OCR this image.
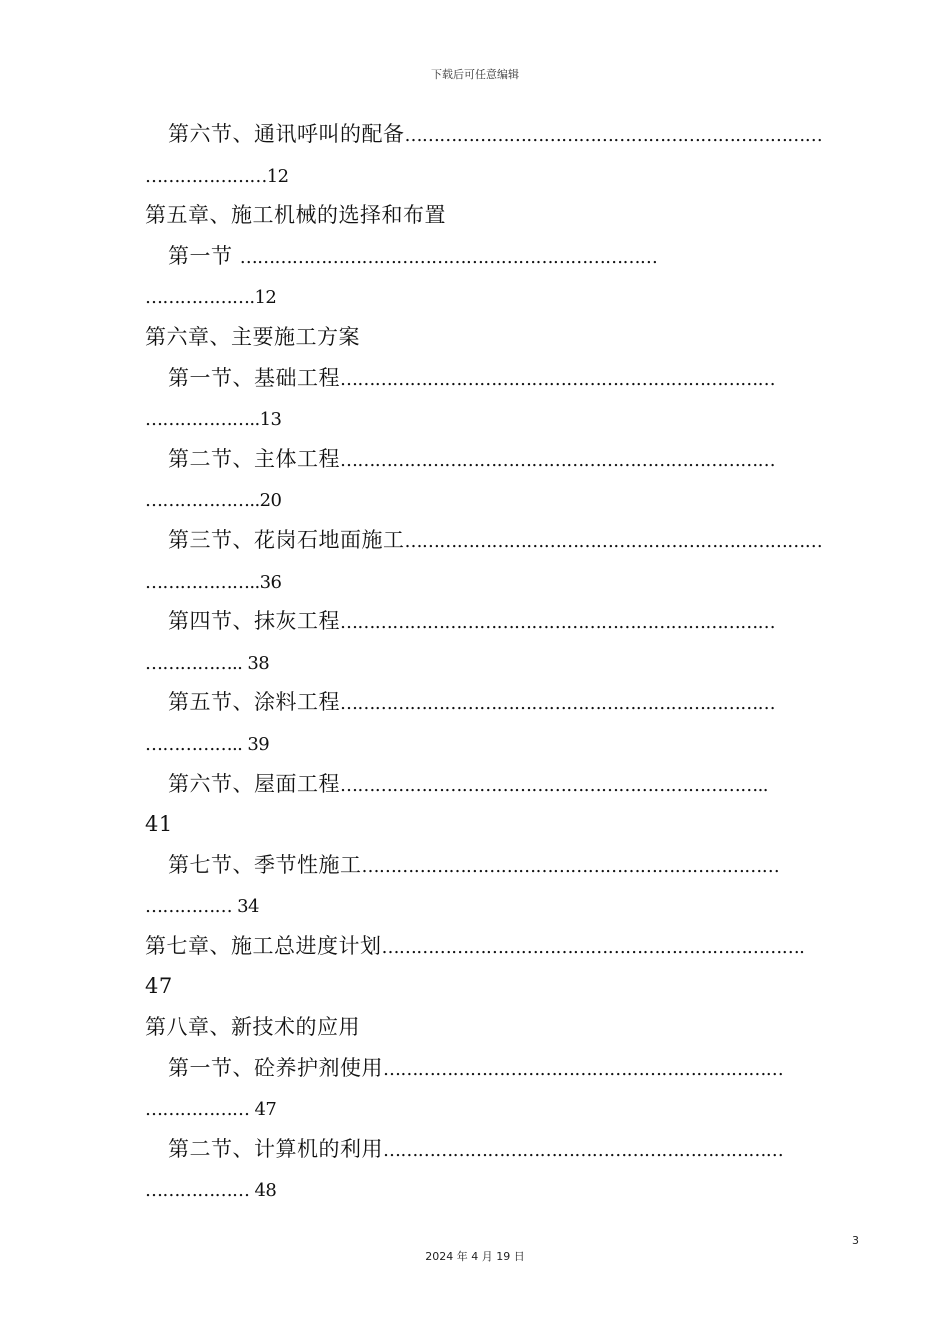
下载后可任意编辑
第六节、通讯呼叫的配备………………………………………………………………
…………………12
第五章、施工机械的选择和布置
第一节 ………………………………………………………………
……………….12
第六章、主要施工方案
第一节、基础工程…………………………………………………………………
………………..13
第二节、主体工程…………………………………………………………………
………………..20
第三节、花岗石地面施工………………………………………………………………
………………..36
第四节、抹灰工程…………………………………………………………………
…………….. 38
第五节、涂料工程…………………………………………………………………
…………….. 39
第六节、屋面工程………………………………………………………………..
41
第七节、季节性施工………………………………………………………………
…………… 34
第七章、施工总进度计划……………………………………………………………….
47
第八章、新技术的应用
第一节、砼养护剂使用……………………………………………………………
……………… 47
第二节、计算机的利用……………………………………………………………
……………… 48
3
2024 年 4 月 19 日
